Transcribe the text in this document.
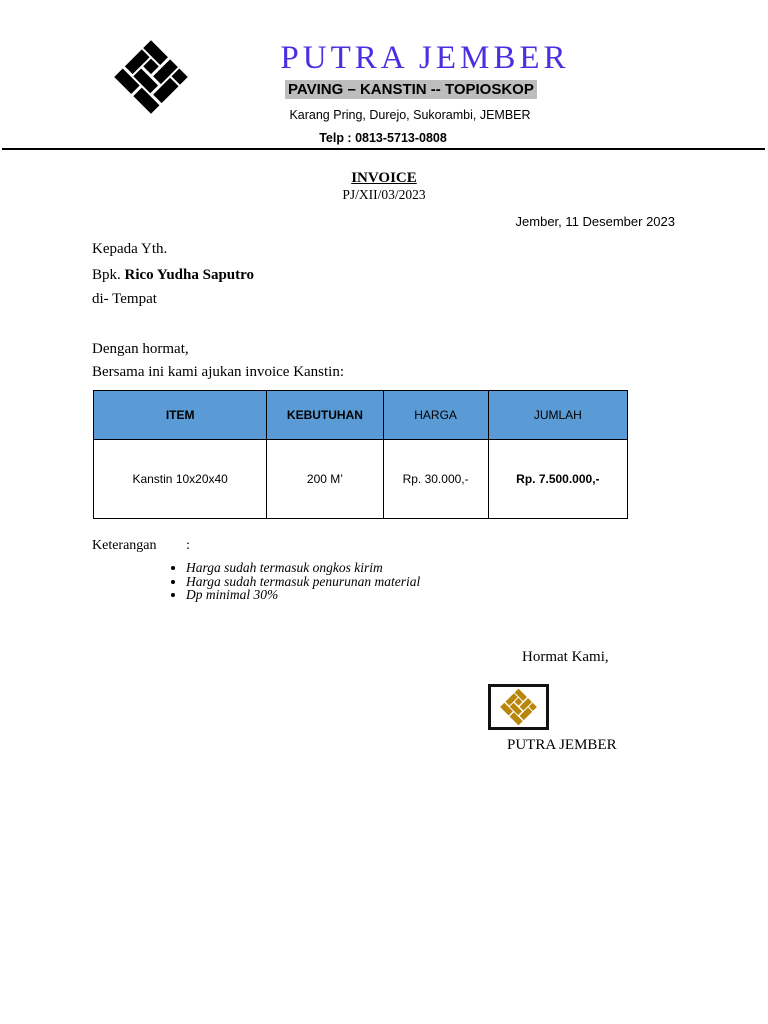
PUTRA JEMBER
PAVING – KANSTIN -- TOPIOSKOP
Karang Pring, Durejo, Sukorambi, JEMBER
Telp : 0813-5713-0808
INVOICE
PJ/XII/03/2023
Jember, 11 Desember 2023
Kepada Yth.
Bpk. Rico Yudha Saputro
di- Tempat
Dengan hormat,
Bersama ini kami ajukan invoice Kanstin:
ITEM	KEBUTUHAN	HARGA	JUMLAH
Kanstin 10x20x40	200 M’	Rp. 30.000,-	Rp. 7.500.000,-
Keterangan :
• Harga sudah termasuk ongkos kirim
• Harga sudah termasuk penurunan material
• Dp minimal 30%
Hormat Kami,
PUTRA JEMBER
